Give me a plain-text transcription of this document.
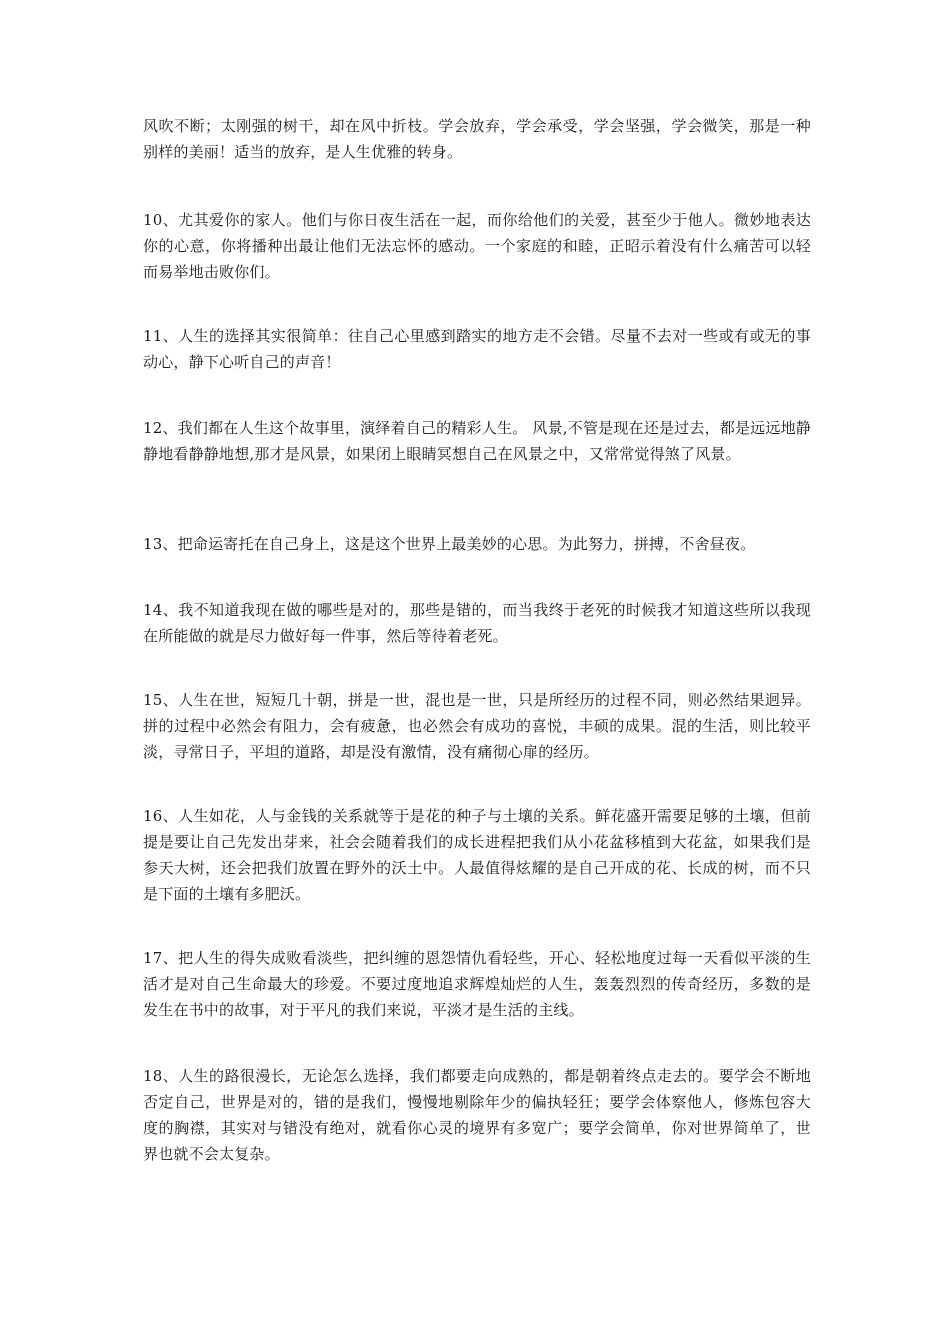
风吹不断；太刚强的树干，却在风中折枝。学会放弃，学会承受，学会坚强，学会微笑，那是一种别样的美丽！适当的放弃，是人生优雅的转身。

10、尤其爱你的家人。他们与你日夜生活在一起，而你给他们的关爱，甚至少于他人。微妙地表达你的心意，你将播种出最让他们无法忘怀的感动。一个家庭的和睦，正昭示着没有什么痛苦可以轻而易举地击败你们。

11、人生的选择其实很简单：往自己心里感到踏实的地方走不会错。尽量不去对一些或有或无的事动心，静下心听自己的声音！

12、我们都在人生这个故事里，演绎着自己的精彩人生。 风景,不管是现在还是过去，都是远远地静静地看静静地想,那才是风景，如果闭上眼睛冥想自己在风景之中，又常常觉得煞了风景。

13、把命运寄托在自己身上，这是这个世界上最美妙的心思。为此努力，拼搏，不舍昼夜。

14、我不知道我现在做的哪些是对的，那些是错的，而当我终于老死的时候我才知道这些所以我现在所能做的就是尽力做好每一件事，然后等待着老死。

15、人生在世，短短几十朝，拼是一世，混也是一世，只是所经历的过程不同，则必然结果迥异。拼的过程中必然会有阻力，会有疲惫，也必然会有成功的喜悦，丰硕的成果。混的生活，则比较平淡，寻常日子，平坦的道路，却是没有激情，没有痛彻心扉的经历。

16、人生如花，人与金钱的关系就等于是花的种子与土壤的关系。鲜花盛开需要足够的土壤，但前提是要让自己先发出芽来，社会会随着我们的成长进程把我们从小花盆移植到大花盆，如果我们是参天大树，还会把我们放置在野外的沃土中。人最值得炫耀的是自己开成的花、长成的树，而不只是下面的土壤有多肥沃。

17、把人生的得失成败看淡些，把纠缠的恩怨情仇看轻些，开心、轻松地度过每一天看似平淡的生活才是对自己生命最大的珍爱。不要过度地追求辉煌灿烂的人生，轰轰烈烈的传奇经历，多数的是发生在书中的故事，对于平凡的我们来说，平淡才是生活的主线。

18、人生的路很漫长，无论怎么选择，我们都要走向成熟的，都是朝着终点走去的。要学会不断地否定自己，世界是对的，错的是我们，慢慢地剔除年少的偏执轻狂；要学会体察他人，修炼包容大度的胸襟，其实对与错没有绝对，就看你心灵的境界有多宽广；要学会简单，你对世界简单了，世界也就不会太复杂。
